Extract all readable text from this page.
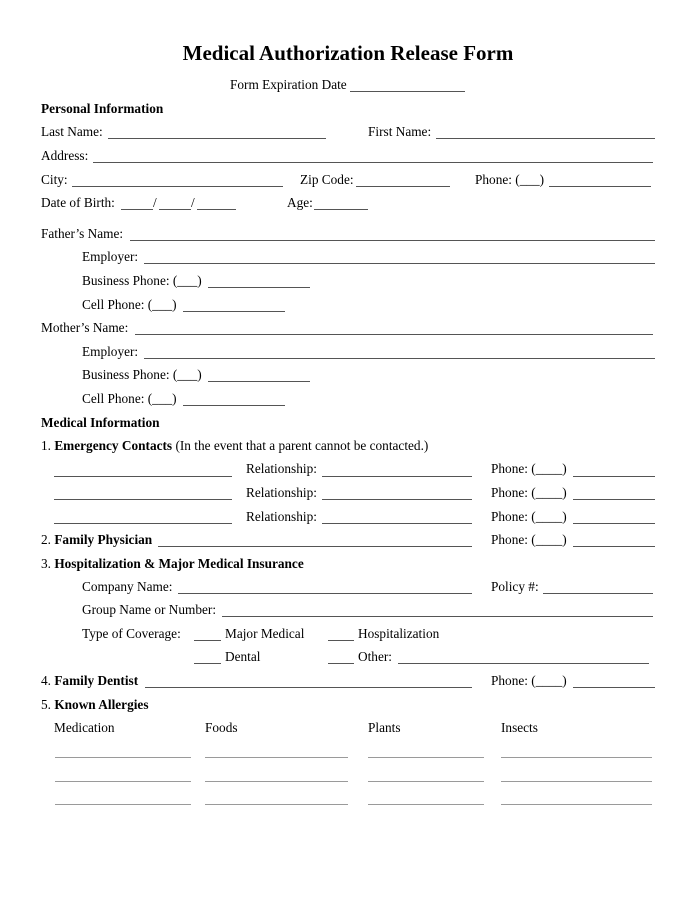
Medical Authorization Release Form
Form Expiration Date
Personal Information
Last Name:	First Name:
Address:
City:	Zip Code:	Phone: (___)
Date of Birth:	/	/	Age:
Father’s Name:
Employer:
Business Phone: (___)
Cell Phone: (___)
Mother’s Name:
Employer:
Business Phone: (___)
Cell Phone: (___)
Medical Information
1. Emergency Contacts (In the event that a parent cannot be contacted.)
Relationship:	Phone: (____)
Relationship:	Phone: (____)
Relationship:	Phone: (____)
2. Family Physician	Phone: (____)
3. Hospitalization & Major Medical Insurance
Company Name:	Policy #:
Group Name or Number:
Type of Coverage:	Major Medical	Hospitalization
Dental	Other:
4. Family Dentist	Phone: (____)
5. Known Allergies
Medication	Foods	Plants	Insects
